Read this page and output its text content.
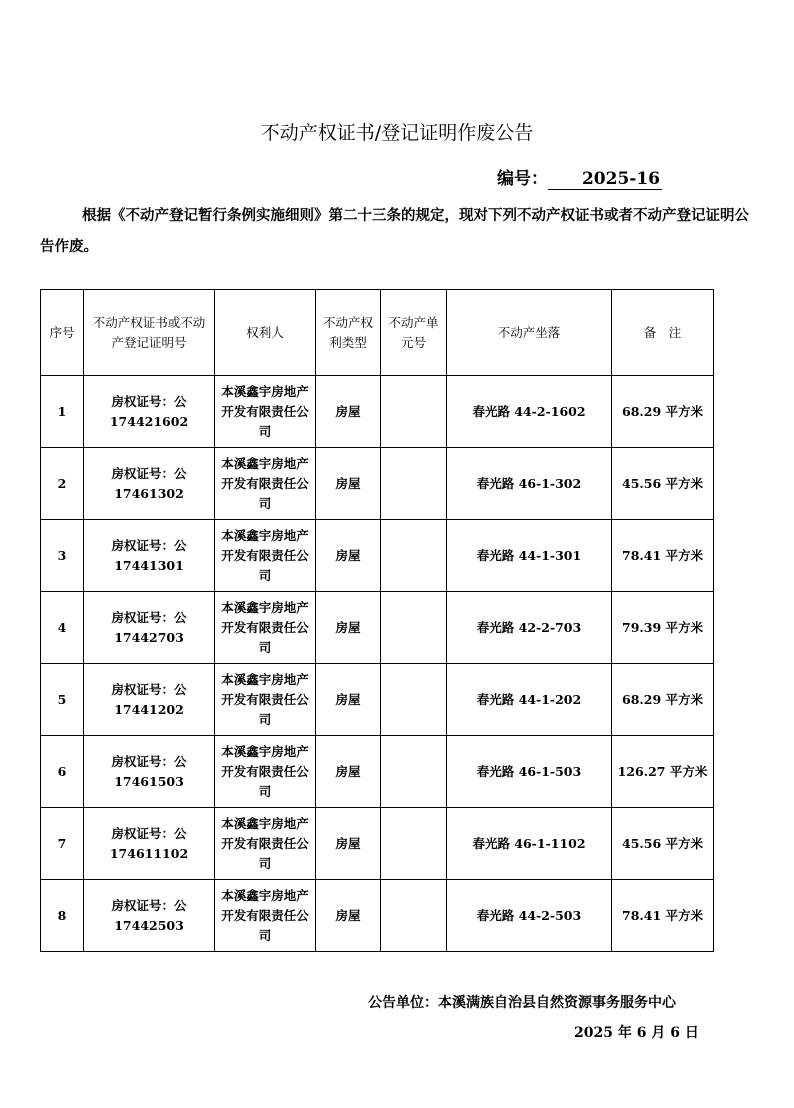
不动产权证书/登记证明作废公告
编号： 2025-16
根据《不动产登记暂行条例实施细则》第二十三条的规定，现对下列不动产权证书或者不动产登记证明公告作废。
序号	不动产权证书或不动产登记证明号	权利人	不动产权利类型	不动产单元号	不动产坐落	备　注
1	房权证号：公 174421602	本溪鑫宇房地产开发有限责任公司	房屋		春光路 44-2-1602	68.29 平方米
2	房权证号：公 17461302	本溪鑫宇房地产开发有限责任公司	房屋		春光路 46-1-302	45.56 平方米
3	房权证号：公 17441301	本溪鑫宇房地产开发有限责任公司	房屋		春光路 44-1-301	78.41 平方米
4	房权证号：公 17442703	本溪鑫宇房地产开发有限责任公司	房屋		春光路 42-2-703	79.39 平方米
5	房权证号：公 17441202	本溪鑫宇房地产开发有限责任公司	房屋		春光路 44-1-202	68.29 平方米
6	房权证号：公 17461503	本溪鑫宇房地产开发有限责任公司	房屋		春光路 46-1-503	126.27 平方米
7	房权证号：公 174611102	本溪鑫宇房地产开发有限责任公司	房屋		春光路 46-1-1102	45.56 平方米
8	房权证号：公 17442503	本溪鑫宇房地产开发有限责任公司	房屋		春光路 44-2-503	78.41 平方米
公告单位：本溪满族自治县自然资源事务服务中心
2025 年 6 月 6 日
